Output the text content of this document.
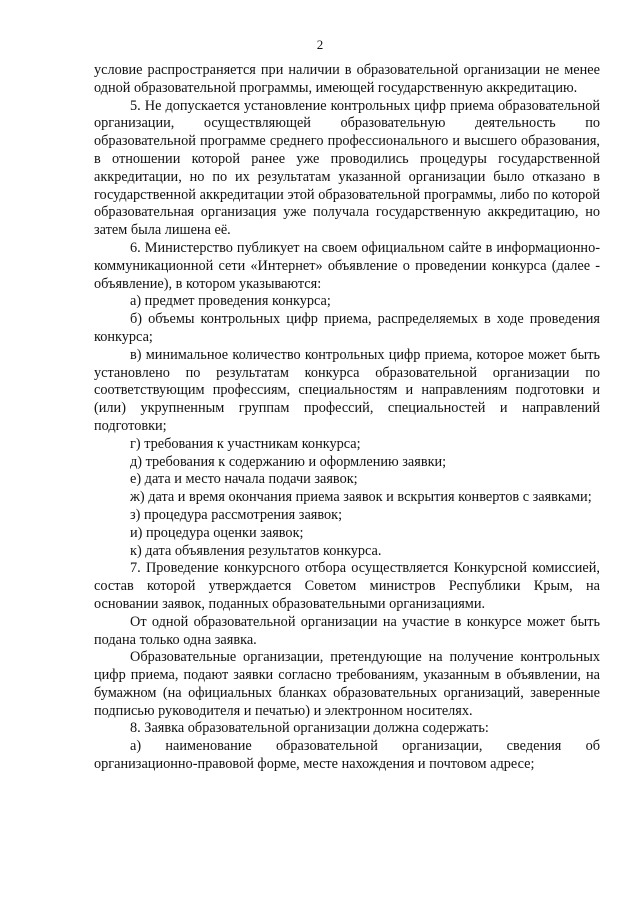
2

условие распространяется при наличии в образовательной организации не менее одной образовательной программы, имеющей государственную аккредитацию.

5. Не допускается установление контрольных цифр приема образовательной организации, осуществляющей образовательную деятельность по образовательной программе среднего профессионального и высшего образования, в отношении которой ранее уже проводились процедуры государственной аккредитации, но по их результатам указанной организации было отказано в государственной аккредитации этой образовательной программы, либо по которой образовательная организация уже получала государственную аккредитацию, но затем была лишена её.

6. Министерство публикует на своем официальном сайте в информационно-коммуникационной сети «Интернет» объявление о проведении конкурса (далее - объявление), в котором указываются:

а) предмет проведения конкурса;

б) объемы контрольных цифр приема, распределяемых в ходе проведения конкурса;

в) минимальное количество контрольных цифр приема, которое может быть установлено по результатам конкурса образовательной организации по соответствующим профессиям, специальностям и направлениям подготовки и (или) укрупненным группам профессий, специальностей и направлений подготовки;

г) требования к участникам конкурса;

д) требования к содержанию и оформлению заявки;

е) дата и место начала подачи заявок;

ж) дата и время окончания приема заявок и вскрытия конвертов с заявками;

з) процедура рассмотрения заявок;

и) процедура оценки заявок;

к) дата объявления результатов конкурса.

7. Проведение конкурсного отбора осуществляется Конкурсной комиссией, состав которой утверждается Советом министров Республики Крым, на основании заявок, поданных образовательными организациями.

От одной образовательной организации на участие в конкурсе может быть подана только одна заявка.

Образовательные организации, претендующие на получение контрольных цифр приема, подают заявки согласно требованиям, указанным в объявлении, на бумажном (на официальных бланках образовательных организаций, заверенные подписью руководителя и печатью) и электронном носителях.

8. Заявка образовательной организации должна содержать:

а) наименование образовательной организации, сведения об организационно-правовой форме, месте нахождения и почтовом адресе;
